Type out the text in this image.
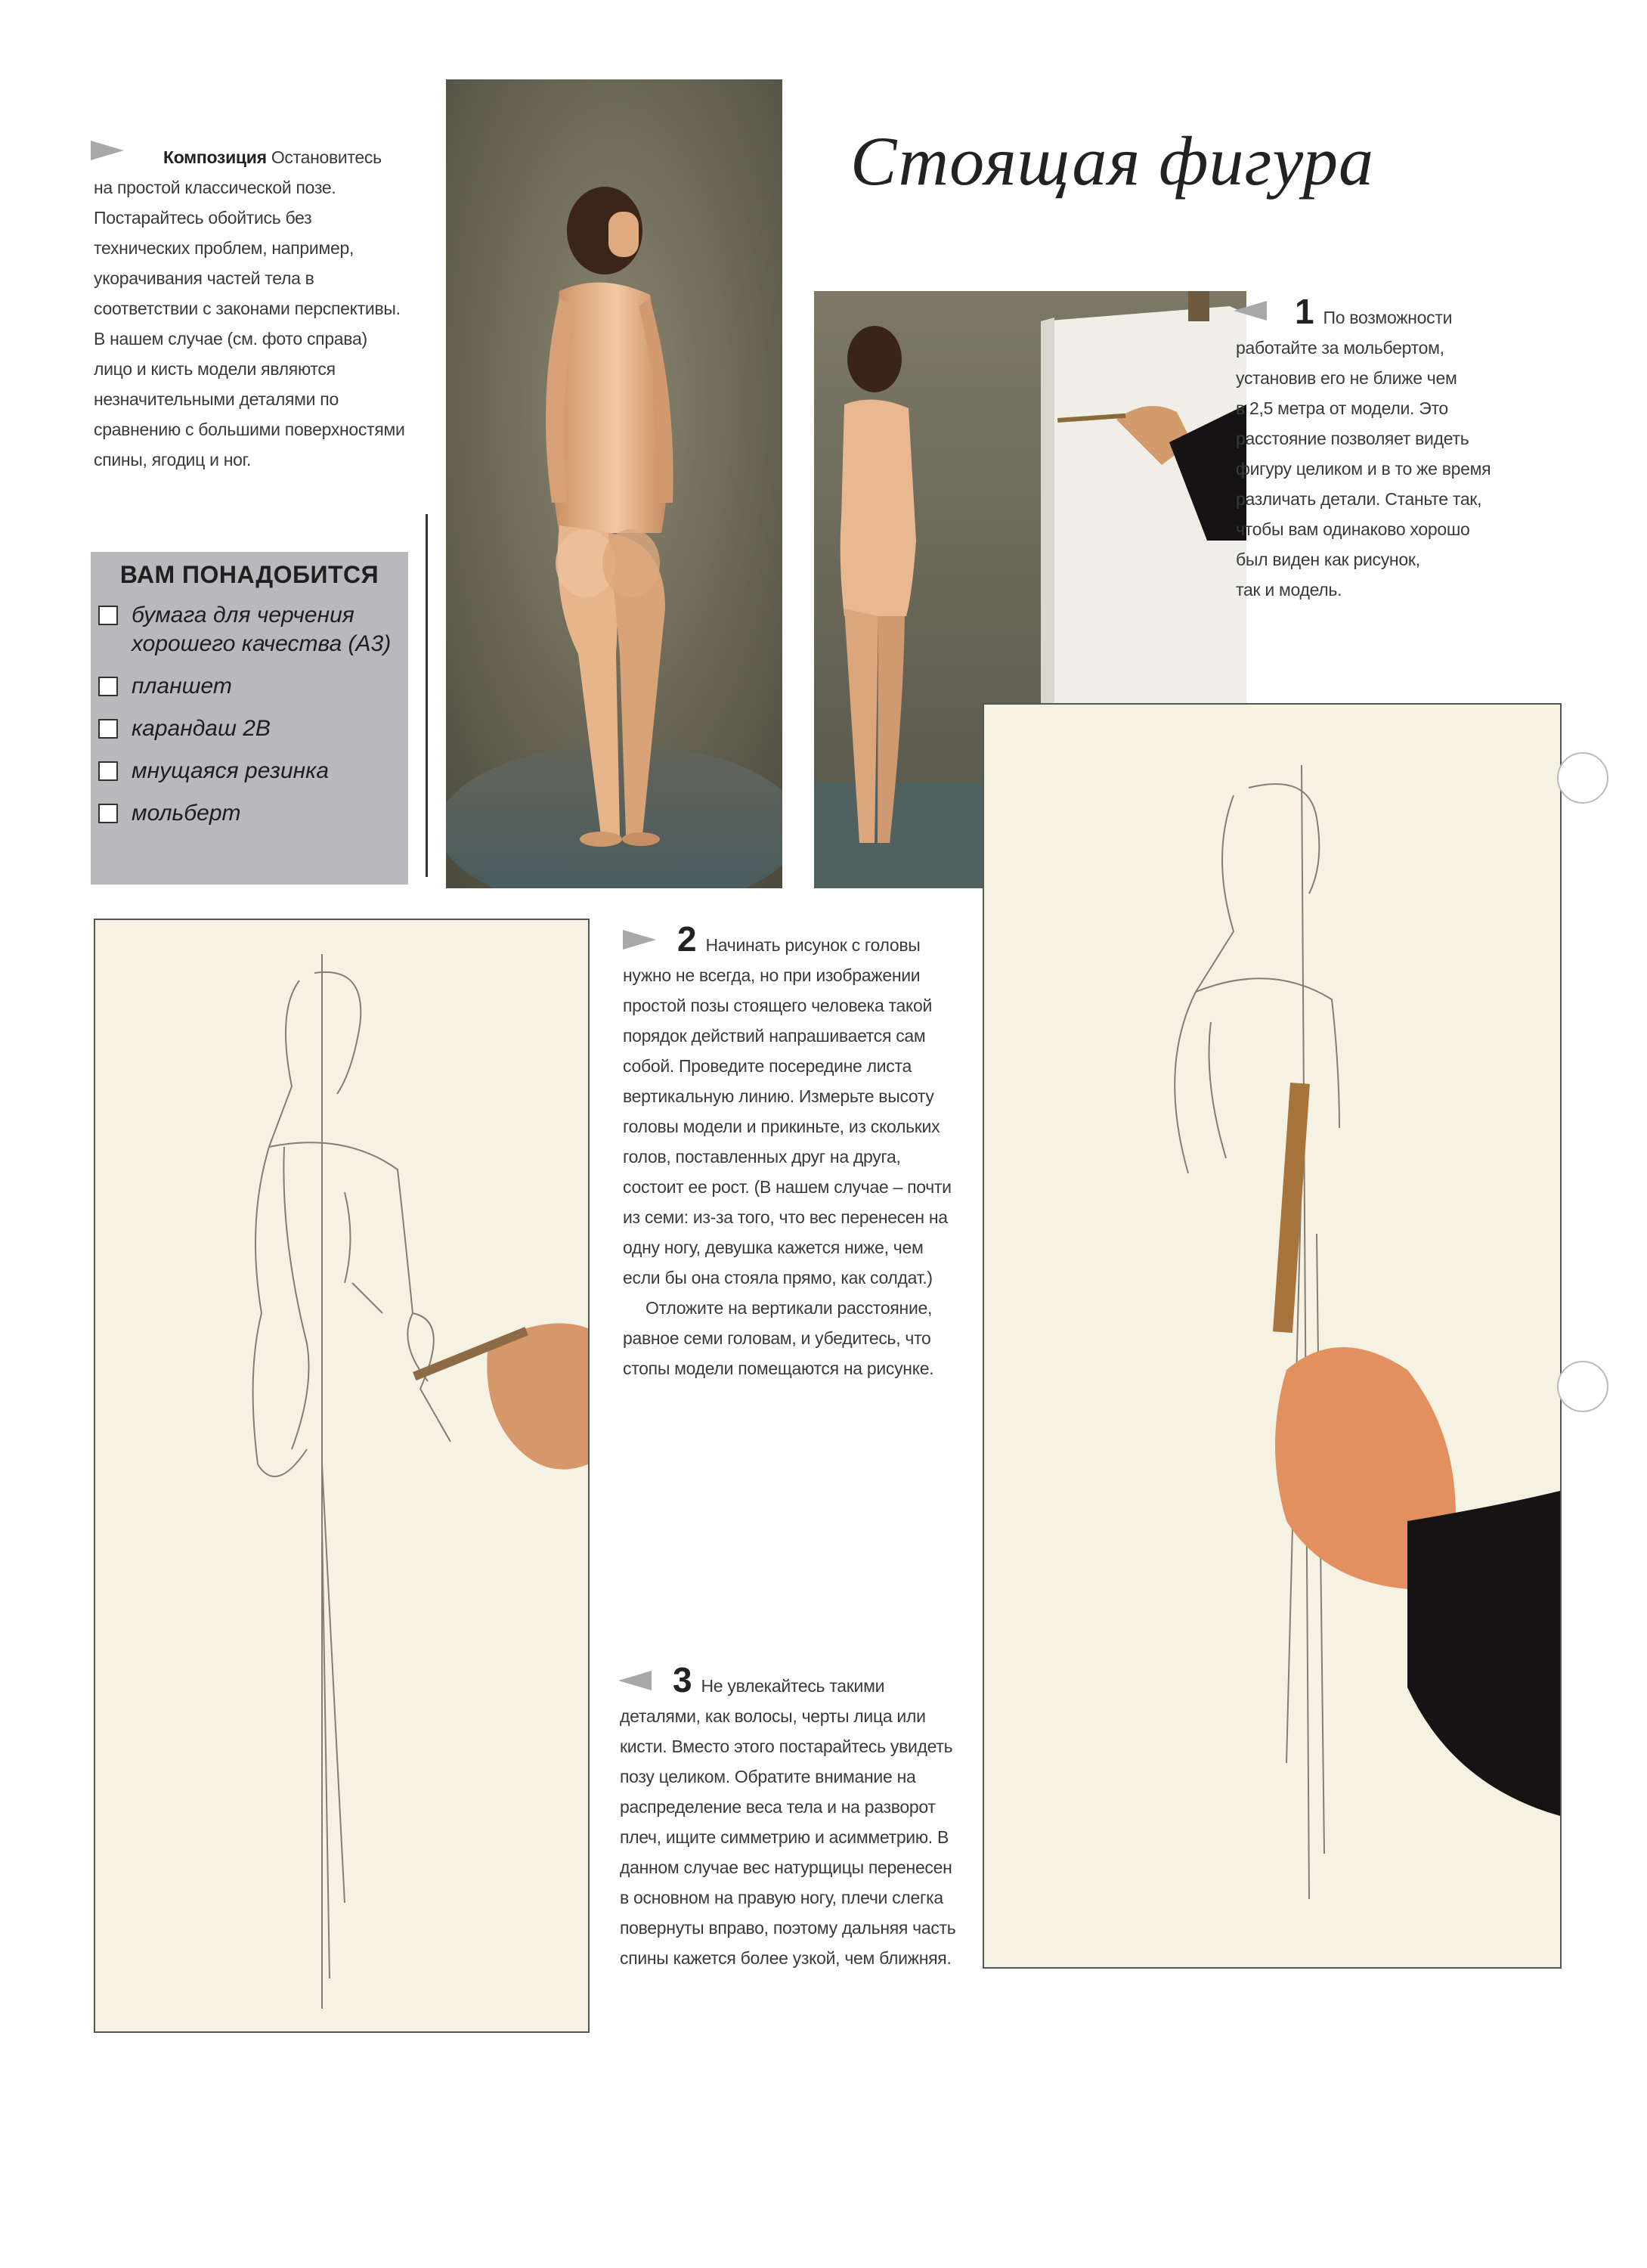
Композиция Остановитесь
на простой классической позе.
Постарайтесь обойтись без
технических проблем, например,
укорачивания частей тела в
соответствии с законами перспективы.
В нашем случае (см. фото справа)
лицо и кисть модели являются
незначительными деталями по
сравнению с большими поверхностями
спины, ягодиц и ног.
ВАМ ПОНАДОБИТСЯ
бумага для черчения хорошего качества (А3)
планшет
карандаш 2В
мнущаяся резинка
мольберт
Стоящая фигура
1 По возможности
работайте за мольбертом,
установив его не ближе чем
в 2,5 метра от модели. Это
расстояние позволяет видеть
фигуру целиком и в то же время
различать детали. Станьте так,
чтобы вам одинаково хорошо
был виден как рисунок,
так и модель.
2 Начинать рисунок с головы
нужно не всегда, но при изображении
простой позы стоящего человека такой
порядок действий напрашивается сам
собой. Проведите посередине листа
вертикальную линию. Измерьте высоту
головы модели и прикиньте, из скольких
голов, поставленных друг на друга,
состоит ее рост. (В нашем случае – почти
из семи: из-за того, что вес перенесен на
одну ногу, девушка кажется ниже, чем
если бы она стояла прямо, как солдат.)
Отложите на вертикали расстояние,
равное семи головам, и убедитесь, что
стопы модели помещаются на рисунке.
3 Не увлекайтесь такими
деталями, как волосы, черты лица или
кисти. Вместо этого постарайтесь увидеть
позу целиком. Обратите внимание на
распределение веса тела и на разворот
плеч, ищите симметрию и асимметрию. В
данном случае вес натурщицы перенесен
в основном на правую ногу, плечи слегка
повернуты вправо, поэтому дальняя часть
спины кажется более узкой, чем ближняя.
